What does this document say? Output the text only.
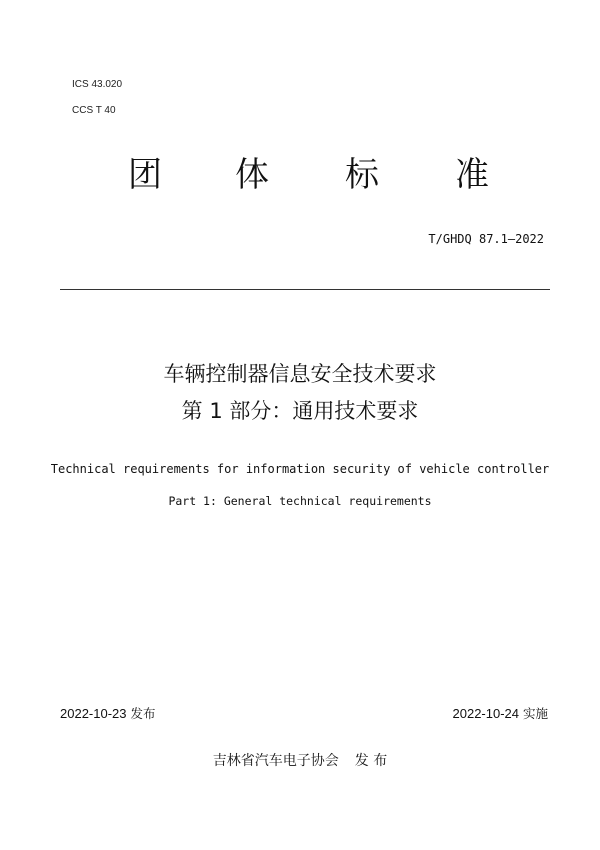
ICS 43.020
CCS T 40
团 体 标 准
T/GHDQ 87.1—2022
车辆控制器信息安全技术要求
第 1 部分：通用技术要求
Technical requirements for information security of vehicle controller
Part 1: General technical requirements
2022-10-23 发布	2022-10-24 实施
吉林省汽车电子协会 发 布
